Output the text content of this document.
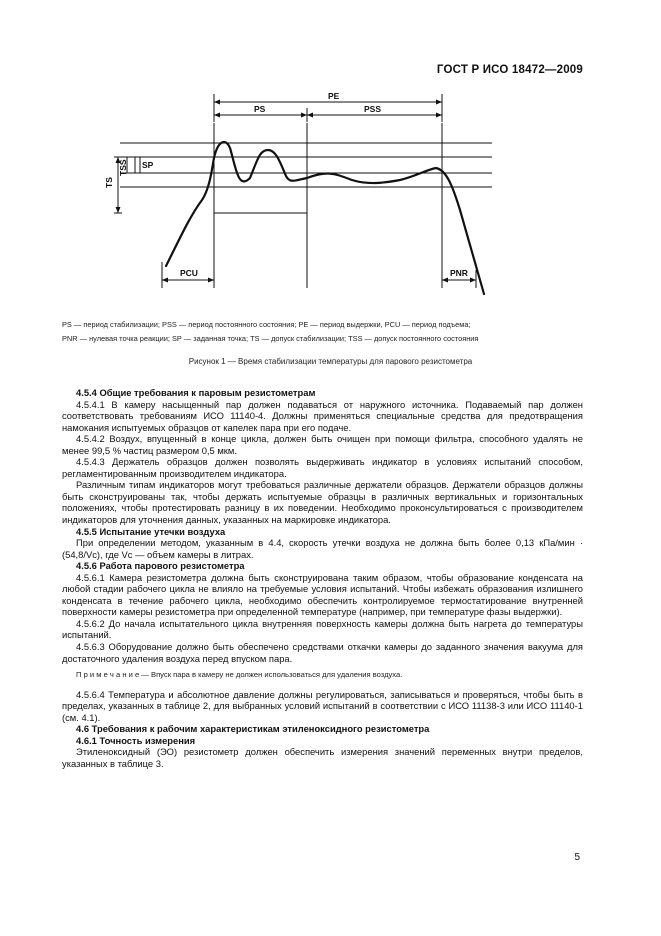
ГОСТ Р ИСО 18472—2009
PE
PS	PSS
SP
TS
TSS
PCU	PNR
PS — период стабилизации; PSS — период постоянного состояния; PE — период выдержки, PCU — период подъема;
PNR — нулевая точка реакции; SP — заданная точка; TS — допуск стабилизации; TSS — допуск постоянного состояния
Рисунок 1 — Время стабилизации температуры для парового резистометра

4.5.4 Общие требования к паровым резистометрам

4.5.4.1 В камеру насыщенный пар должен подаваться от наружного источника. Подаваемый пар должен соответствовать требованиям ИСО 11140-4. Должны применяться специальные средства для предотвращения намокания испытуемых образцов от капелек пара при его подаче.

4.5.4.2 Воздух, впущенный в конце цикла, должен быть очищен при помощи фильтра, способного удалять не менее 99,5 % частиц размером 0,5 мкм.

4.5.4.3 Держатель образцов должен позволять выдерживать индикатор в условиях испытаний способом, регламентированным производителем индикатора.

Различным типам индикаторов могут требоваться различные держатели образцов. Держатели образцов должны быть сконструированы так, чтобы держать испытуемые образцы в различных вертикальных и горизонтальных положениях, чтобы протестировать разницу в их поведении. Необходимо проконсультироваться с производителем индикаторов для уточнения данных, указанных на маркировке индикатора.

4.5.5 Испытание утечки воздуха

При определении методом, указанным в 4.4, скорость утечки воздуха не должна быть более 0,13 кПа/мин · (54,8/Vc), где Vc — объем камеры в литрах.

4.5.6 Работа парового резистометра

4.5.6.1 Камера резистометра должна быть сконструирована таким образом, чтобы образование конденсата на любой стадии рабочего цикла не влияло на требуемые условия испытаний. Чтобы избежать образования излишнего конденсата в течение рабочего цикла, необходимо обеспечить контролируемое термостатирование внутренней поверхности камеры резистометра при определенной температуре (например, при температуре фазы выдержки).

4.5.6.2 До начала испытательного цикла внутренняя поверхность камеры должна быть нагрета до температуры испытаний.

4.5.6.3 Оборудование должно быть обеспечено средствами откачки камеры до заданного значения вакуума для достаточного удаления воздуха перед впуском пара.

П р и м е ч а н и е — Впуск пара в камеру не должен использоваться для удаления воздуха.

4.5.6.4 Температура и абсолютное давление должны регулироваться, записываться и проверяться, чтобы быть в пределах, указанных в таблице 2, для выбранных условий испытаний в соответствии с ИСО 11138-3 или ИСО 11140-1 (см. 4.1).

4.6 Требования к рабочим характеристикам этиленоксидного резистометра

4.6.1 Точность измерения

Этиленоксидный (ЭО) резистометр должен обеспечить измерения значений переменных внутри пределов, указанных в таблице 3.

5
